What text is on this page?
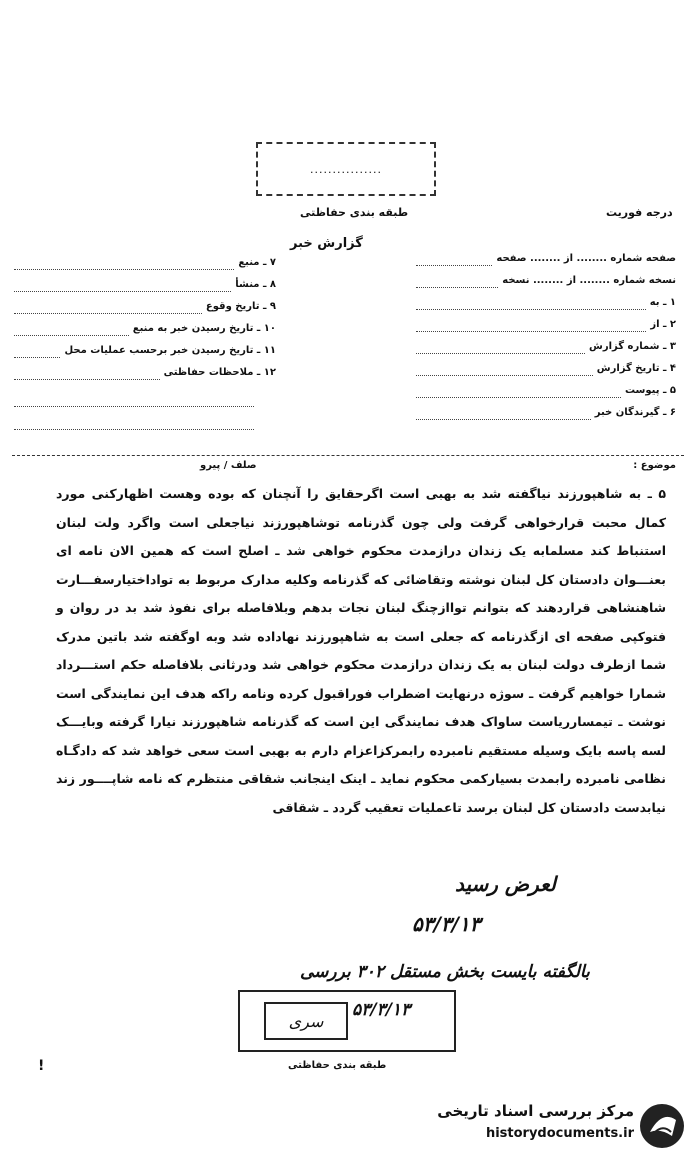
................
طبقه بندی حفاظتی	درجه فوریت
گزارش خبر
صفحه شماره ........ از ........ صفحه
نسخه شماره ........ از ........ نسخه
۱ ـ به
۲ ـ از
۳ ـ شماره گزارش
۴ ـ تاریخ گزارش
۵ ـ پیوست
۶ ـ گیرندگان خبر
۷ ـ منبع
۸ ـ منشأ
۹ ـ تاریخ وقوع
۱۰ ـ تاریخ رسیدن خبر به منبع
۱۱ ـ تاریخ رسیدن خبر برحسب عملیات محل
۱۲ ـ ملاحظات حفاظتی
موضوع :
صلف / پیرو

۵ ـ به شاهپورزند نیاگفته شد به بهبی است اگرحقایق را آنچنان که بوده وهست اظهارکنی مورد کمال محبت قرارخواهی گرفت ولی چون گذرنامه توشاهپورزند نیاجعلی است واگرد ولت لبنان استنباط کند مسلمابه یک زندان درازمدت محکوم خواهی شد ـ اصلح است که همین الان نامه ای بعنـــوان دادستان کل لبنان نوشته وتقاضائی که گذرنامه وکلیه مدارک مربوط به تواداختیارسفـــارت شاهنشاهی قراردهند که بتوانم تواازچنگ لبنان نجات بدهم وبلافاصله برای نفوذ شد بد در روان و فتوکپی صفحه ای ازگذرنامه که جعلی است به شاهپورزند نهاداده شد وبه اوگفته شد باتین مدرک شما ازطرف دولت لبنان به یک زندان درازمدت محکوم خواهی شد ودرثانی بلافاصله حکم استـــرداد شمارا خواهیم گرفت ـ سوژه درنهایت اضطراب فوراقبول کرده ونامه راکه هدف این نمایندگی است نوشت ـ تیمسارریاست ساواک هدف نمایندگی این است که گذرنامه شاهپورزند نیارا گرفته وبایـــک لسه پاسه بایک وسیله مستقیم نامبرده رابمرکزاعزام دارم به بهبی است سعی خواهد شد که دادگـاه نظامی نامبرده رابمدت بسیارکمی محکوم نماید ـ اینک اینجانب شقاقی منتظرم که نامه شاپــــور زند نیابدست دادستان کل لبنان برسد تاعملیات تعقیب گردد ـ شقاقی

لعرض رسید
۵۳/۳/۱۳
بالگفته بایست بخش مستقل ۳۰۲ بررسی
سری
۵۳/۳/۱۳
طبقه بندی حفاظتی
!
مرکز بررسی اسناد تاریخی
historydocuments.ir
